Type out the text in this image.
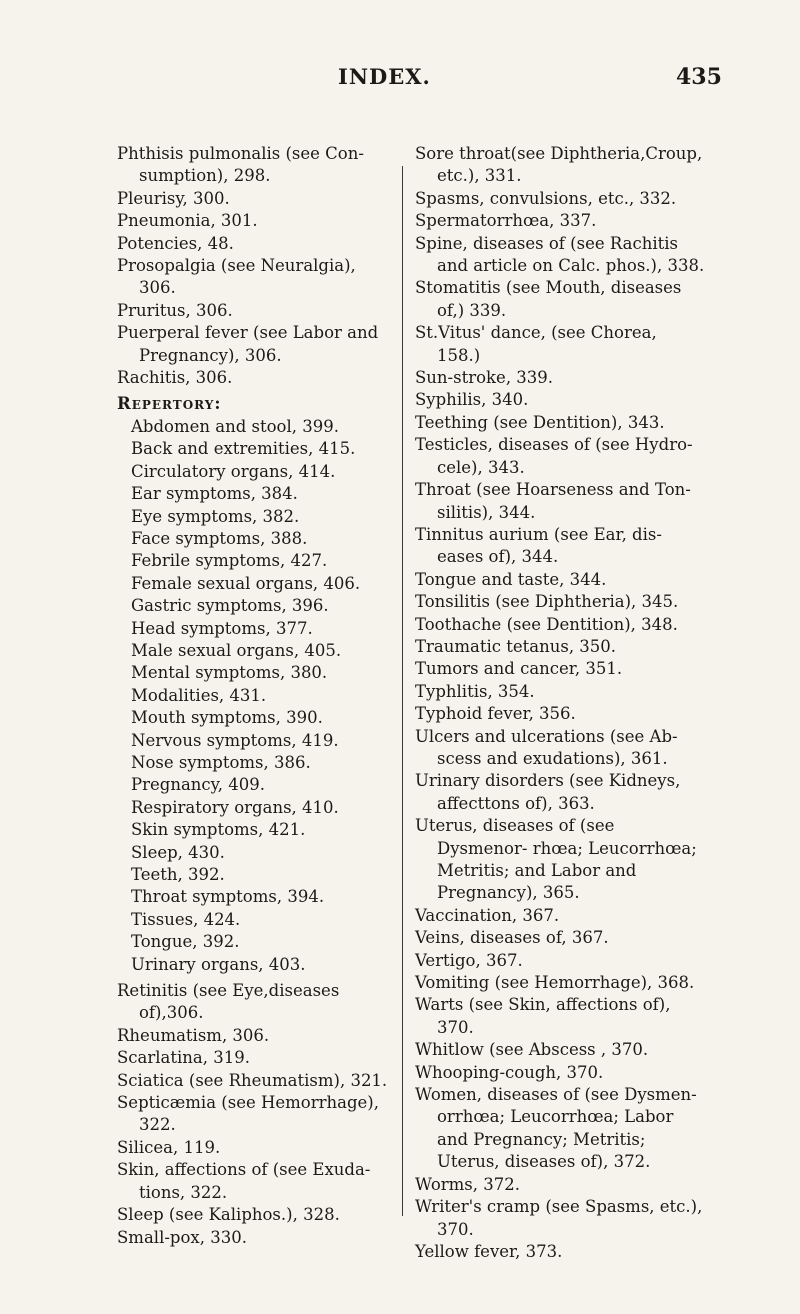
INDEX.	435
Phthisis pulmonalis (see Con- sumption), 298.
Pleurisy, 300.
Pneumonia, 301.
Potencies, 48.
Prosopalgia (see Neuralgia), 306.
Pruritus, 306.
Puerperal fever (see Labor and Pregnancy), 306.
Rachitis, 306.
Repertory:
Abdomen and stool, 399.
Back and extremities, 415.
Circulatory organs, 414.
Ear symptoms, 384.
Eye symptoms, 382.
Face symptoms, 388.
Febrile symptoms, 427.
Female sexual organs, 406.
Gastric symptoms, 396.
Head symptoms, 377.
Male sexual organs, 405.
Mental symptoms, 380.
Modalities, 431.
Mouth symptoms, 390.
Nervous symptoms, 419.
Nose symptoms, 386.
Pregnancy, 409.
Respiratory organs, 410.
Skin symptoms, 421.
Sleep, 430.
Teeth, 392.
Throat symptoms, 394.
Tissues, 424.
Tongue, 392.
Urinary organs, 403.
Retinitis (see Eye,diseases of),306.
Rheumatism, 306.
Scarlatina, 319.
Sciatica (see Rheumatism), 321.
Septicæmia (see Hemorrhage), 322.
Silicea, 119.
Skin, affections of (see Exuda- tions, 322.
Sleep (see Kaliphos.), 328.
Small-pox, 330.
Sore throat(see Diphtheria,Croup, etc.), 331.
Spasms, convulsions, etc., 332.
Spermatorrhœa, 337.
Spine, diseases of (see Rachitis and article on Calc. phos.), 338.
Stomatitis (see Mouth, diseases of,) 339.
St.Vitus' dance, (see Chorea, 158.)
Sun-stroke, 339.
Syphilis, 340.
Teething (see Dentition), 343.
Testicles, diseases of (see Hydro- cele), 343.
Throat (see Hoarseness and Ton- silitis), 344.
Tinnitus aurium (see Ear, dis- eases of), 344.
Tongue and taste, 344.
Tonsilitis (see Diphtheria), 345.
Toothache (see Dentition), 348.
Traumatic tetanus, 350.
Tumors and cancer, 351.
Typhlitis, 354.
Typhoid fever, 356.
Ulcers and ulcerations (see Ab- scess and exudations), 361.
Urinary disorders (see Kidneys, affecttons of), 363.
Uterus, diseases of (see Dysmenor- rhœa; Leucorrhœa; Metritis; and Labor and Pregnancy), 365.
Vaccination, 367.
Veins, diseases of, 367.
Vertigo, 367.
Vomiting (see Hemorrhage), 368.
Warts (see Skin, affections of), 370.
Whitlow (see Abscess , 370.
Whooping-cough, 370.
Women, diseases of (see Dysmen- orrhœa; Leucorrhœa; Labor and Pregnancy; Metritis; Uterus, diseases of), 372.
Worms, 372.
Writer's cramp (see Spasms, etc.), 370.
Yellow fever, 373.
